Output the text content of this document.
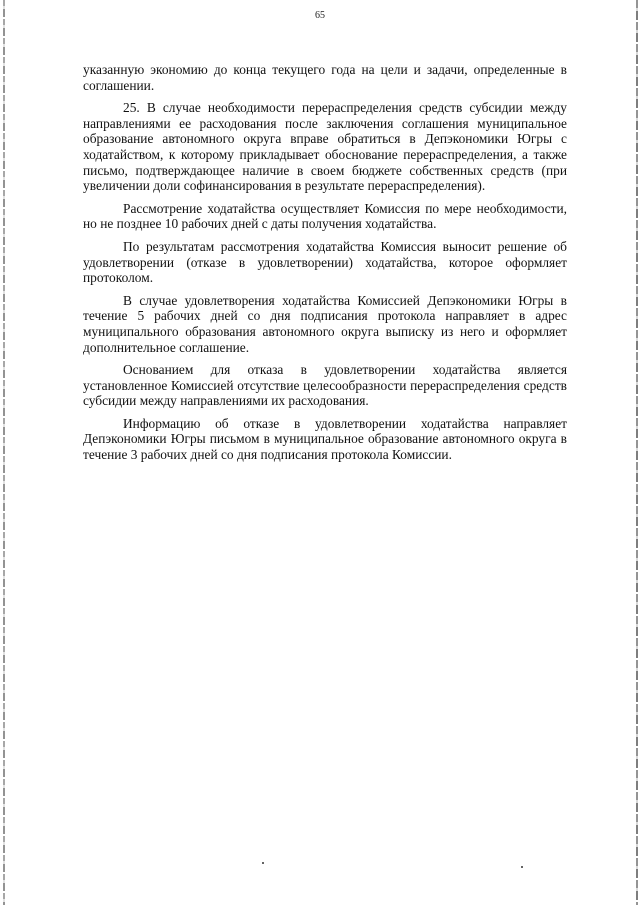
65

указанную экономию до конца текущего года на цели и задачи, определенные в соглашении.

25. В случае необходимости перераспределения средств субсидии между направлениями ее расходования после заключения соглашения муниципальное образование автономного округа вправе обратиться в Депэкономики Югры с ходатайством, к которому прикладывает обоснование перераспределения, а также письмо, подтверждающее наличие в своем бюджете собственных средств (при увеличении доли софинансирования в результате перераспределения).

Рассмотрение ходатайства осуществляет Комиссия по мере необходимости, но не позднее 10 рабочих дней с даты получения ходатайства.

По результатам рассмотрения ходатайства Комиссия выносит решение об удовлетворении (отказе в удовлетворении) ходатайства, которое оформляет протоколом.

В случае удовлетворения ходатайства Комиссией Депэкономики Югры в течение 5 рабочих дней со дня подписания протокола направляет в адрес муниципального образования автономного округа выписку из него и оформляет дополнительное соглашение.

Основанием для отказа в удовлетворении ходатайства является установленное Комиссией отсутствие целесообразности перераспределения средств субсидии между направлениями их расходования.

Информацию об отказе в удовлетворении ходатайства направляет Депэкономики Югры письмом в муниципальное образование автономного округа в течение 3 рабочих дней со дня подписания протокола Комиссии.
